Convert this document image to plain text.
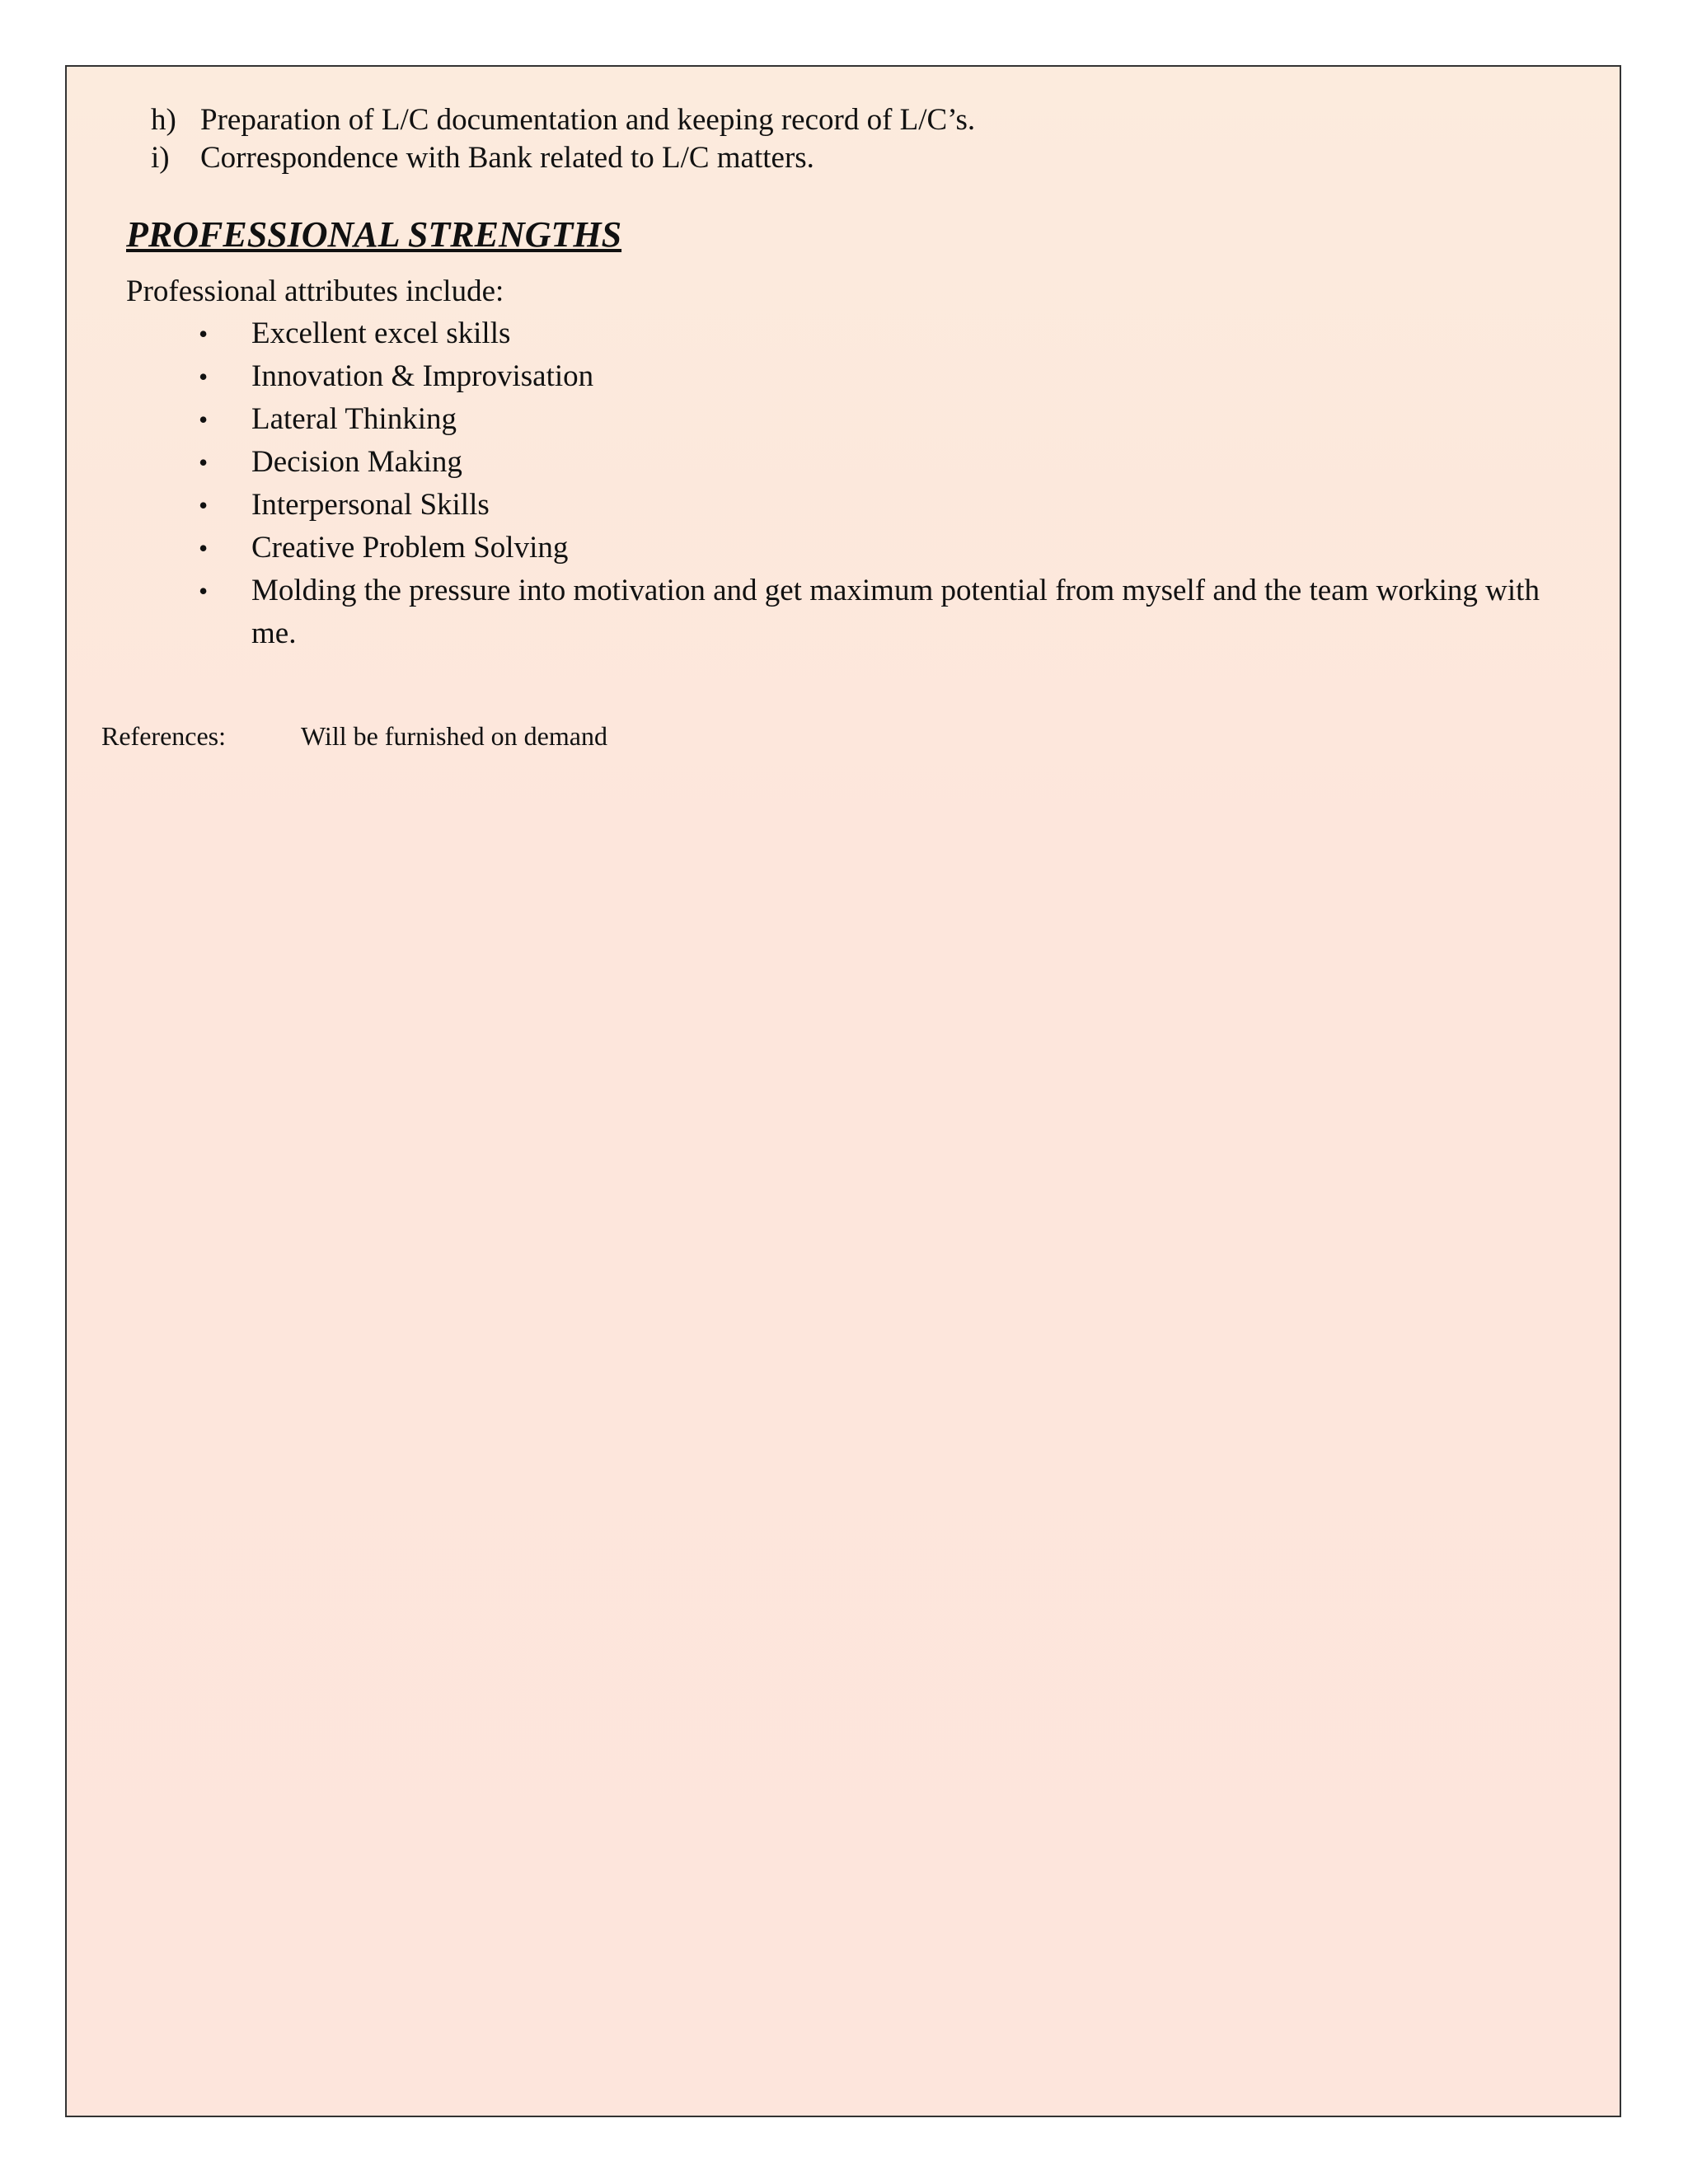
h) Preparation of L/C documentation and keeping record of L/C’s.
i)	Correspondence with Bank related to L/C matters.
PROFESSIONAL STRENGTHS

Professional attributes include:

•	Excellent excel skills
•	Innovation & Improvisation
•	Lateral Thinking
•	Decision Making
•	Interpersonal Skills
•	Creative Problem Solving
•	Molding the pressure into motivation and get maximum potential from myself and the team working with me.
References:	Will be furnished on demand
